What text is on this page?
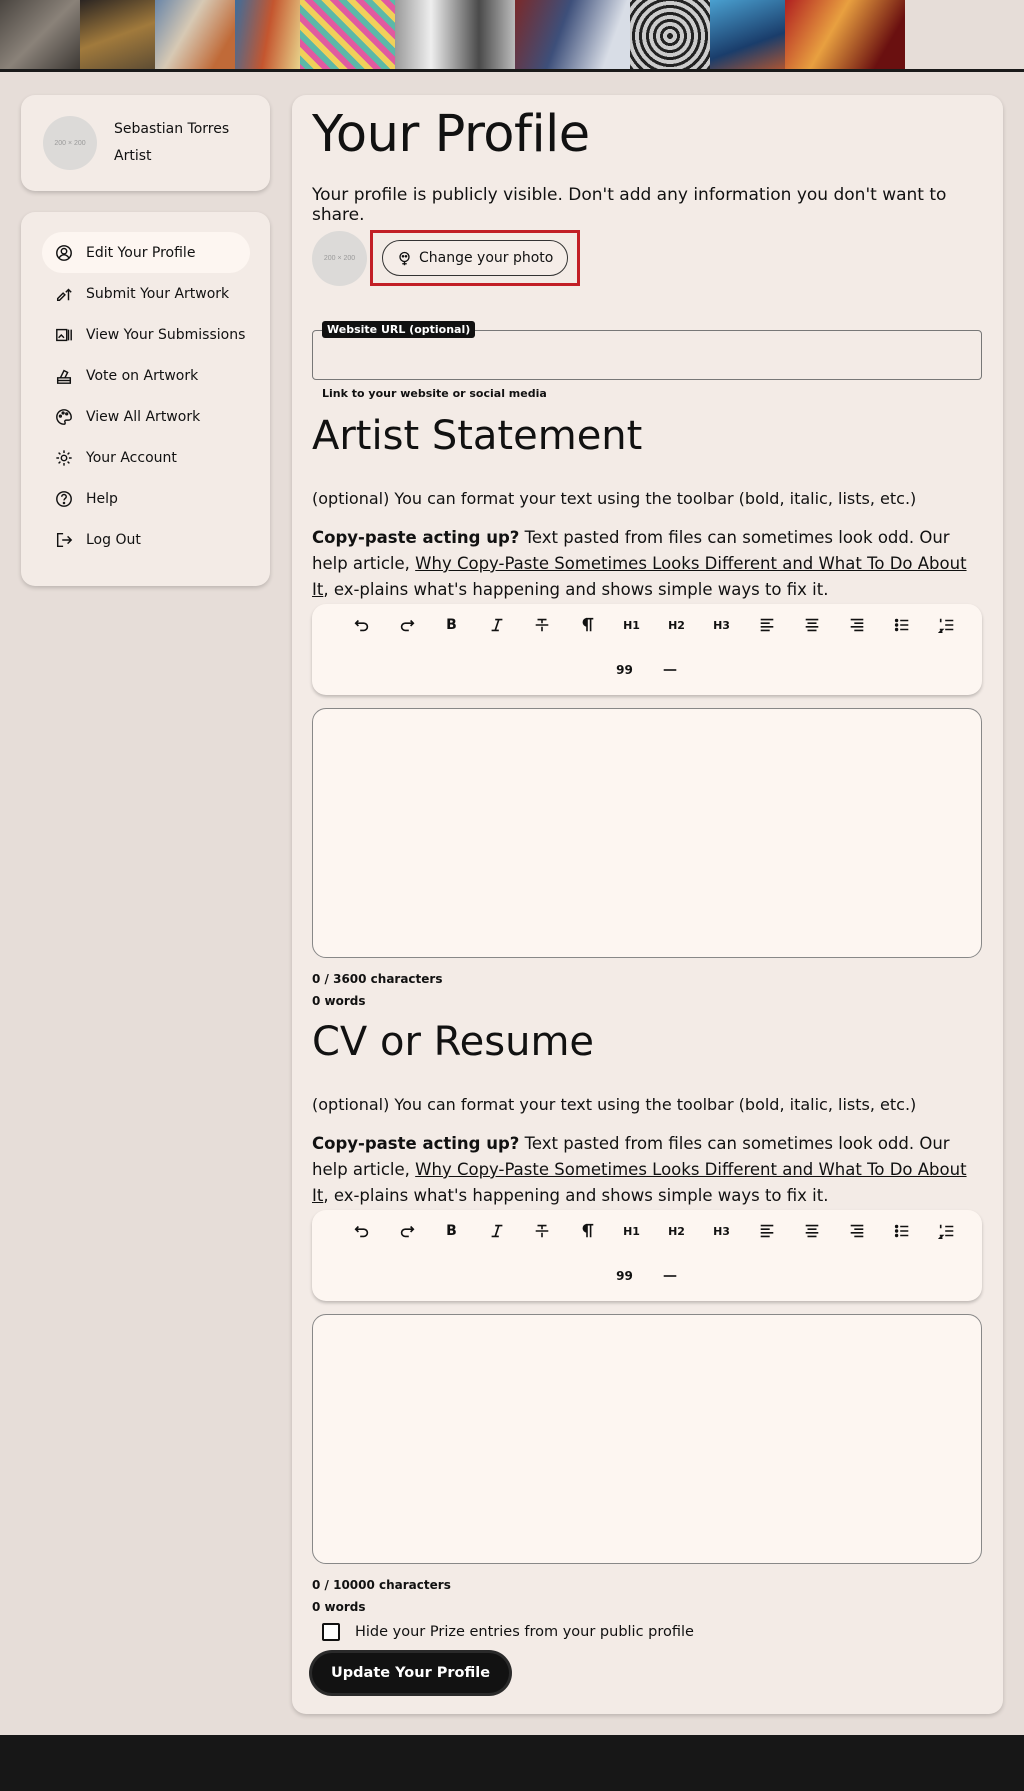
200 × 200
Sebastian Torres
Artist
Edit Your Profile
Submit Your Artwork
View Your Submissions
Vote on Artwork
View All Artwork
Your Account
Help
Log Out
Your Profile
Your profile is publicly visible. Don't add any information you don't want to share.
200 × 200	Change your photo
Website URL (optional)
Link to your website or social media
Artist Statement
(optional) You can format your text using the toolbar (bold, italic, lists, etc.)
Copy-paste acting up? Text pasted from files can sometimes look odd. Our help article, Why Copy-Paste Sometimes Looks Different and What To Do About It, ex-plains what's happening and shows simple ways to fix it.
B	H1	H2	H3
99
0 / 3600 characters
0 words
CV or Resume
(optional) You can format your text using the toolbar (bold, italic, lists, etc.)
Copy-paste acting up? Text pasted from files can sometimes look odd. Our help article, Why Copy-Paste Sometimes Looks Different and What To Do About It, ex-plains what's happening and shows simple ways to fix it.
B	H1	H2	H3
99
0 / 10000 characters
0 words
Hide your Prize entries from your public profile
Update Your Profile
